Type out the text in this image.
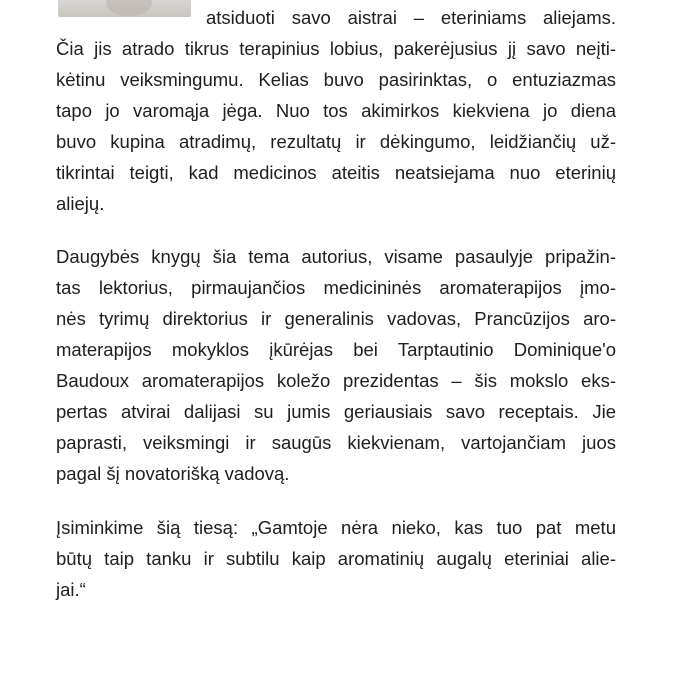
atsiduoti savo aistrai – eteriniams aliejams.
Čia jis atrado tikrus terapinius lobius, pakerėjusius jį savo neįti-
kėtinu veiksmingumu. Kelias buvo pasirinktas, o entuziazmas
tapo jo varomąja jėga. Nuo tos akimirkos kiekviena jo diena
buvo kupina atradimų, rezultatų ir dėkingumo, leidžiančių už-
tikrintai teigti, kad medicinos ateitis neatsiejama nuo eterinių
aliejų.
Daugybės knygų šia tema autorius, visame pasaulyje pripažin-
tas lektorius, pirmaujančios medicininės aromaterapijos įmo-
nės tyrimų direktorius ir generalinis vadovas, Prancūzijos aro-
materapijos mokyklos įkūrėjas bei Tarptautinio Dominique'o
Baudoux aromaterapijos koležo prezidentas – šis mokslo eks-
pertas atvirai dalijasi su jumis geriausiais savo receptais. Jie
paprasti, veiksmingi ir saugūs kiekvienam, vartojančiam juos
pagal šį novatorišką vadovą.
Įsiminkime šią tiesą: „Gamtoje nėra nieko, kas tuo pat metu
būtų taip tanku ir subtilu kaip aromatinių augalų eteriniai alie-
jai.“
